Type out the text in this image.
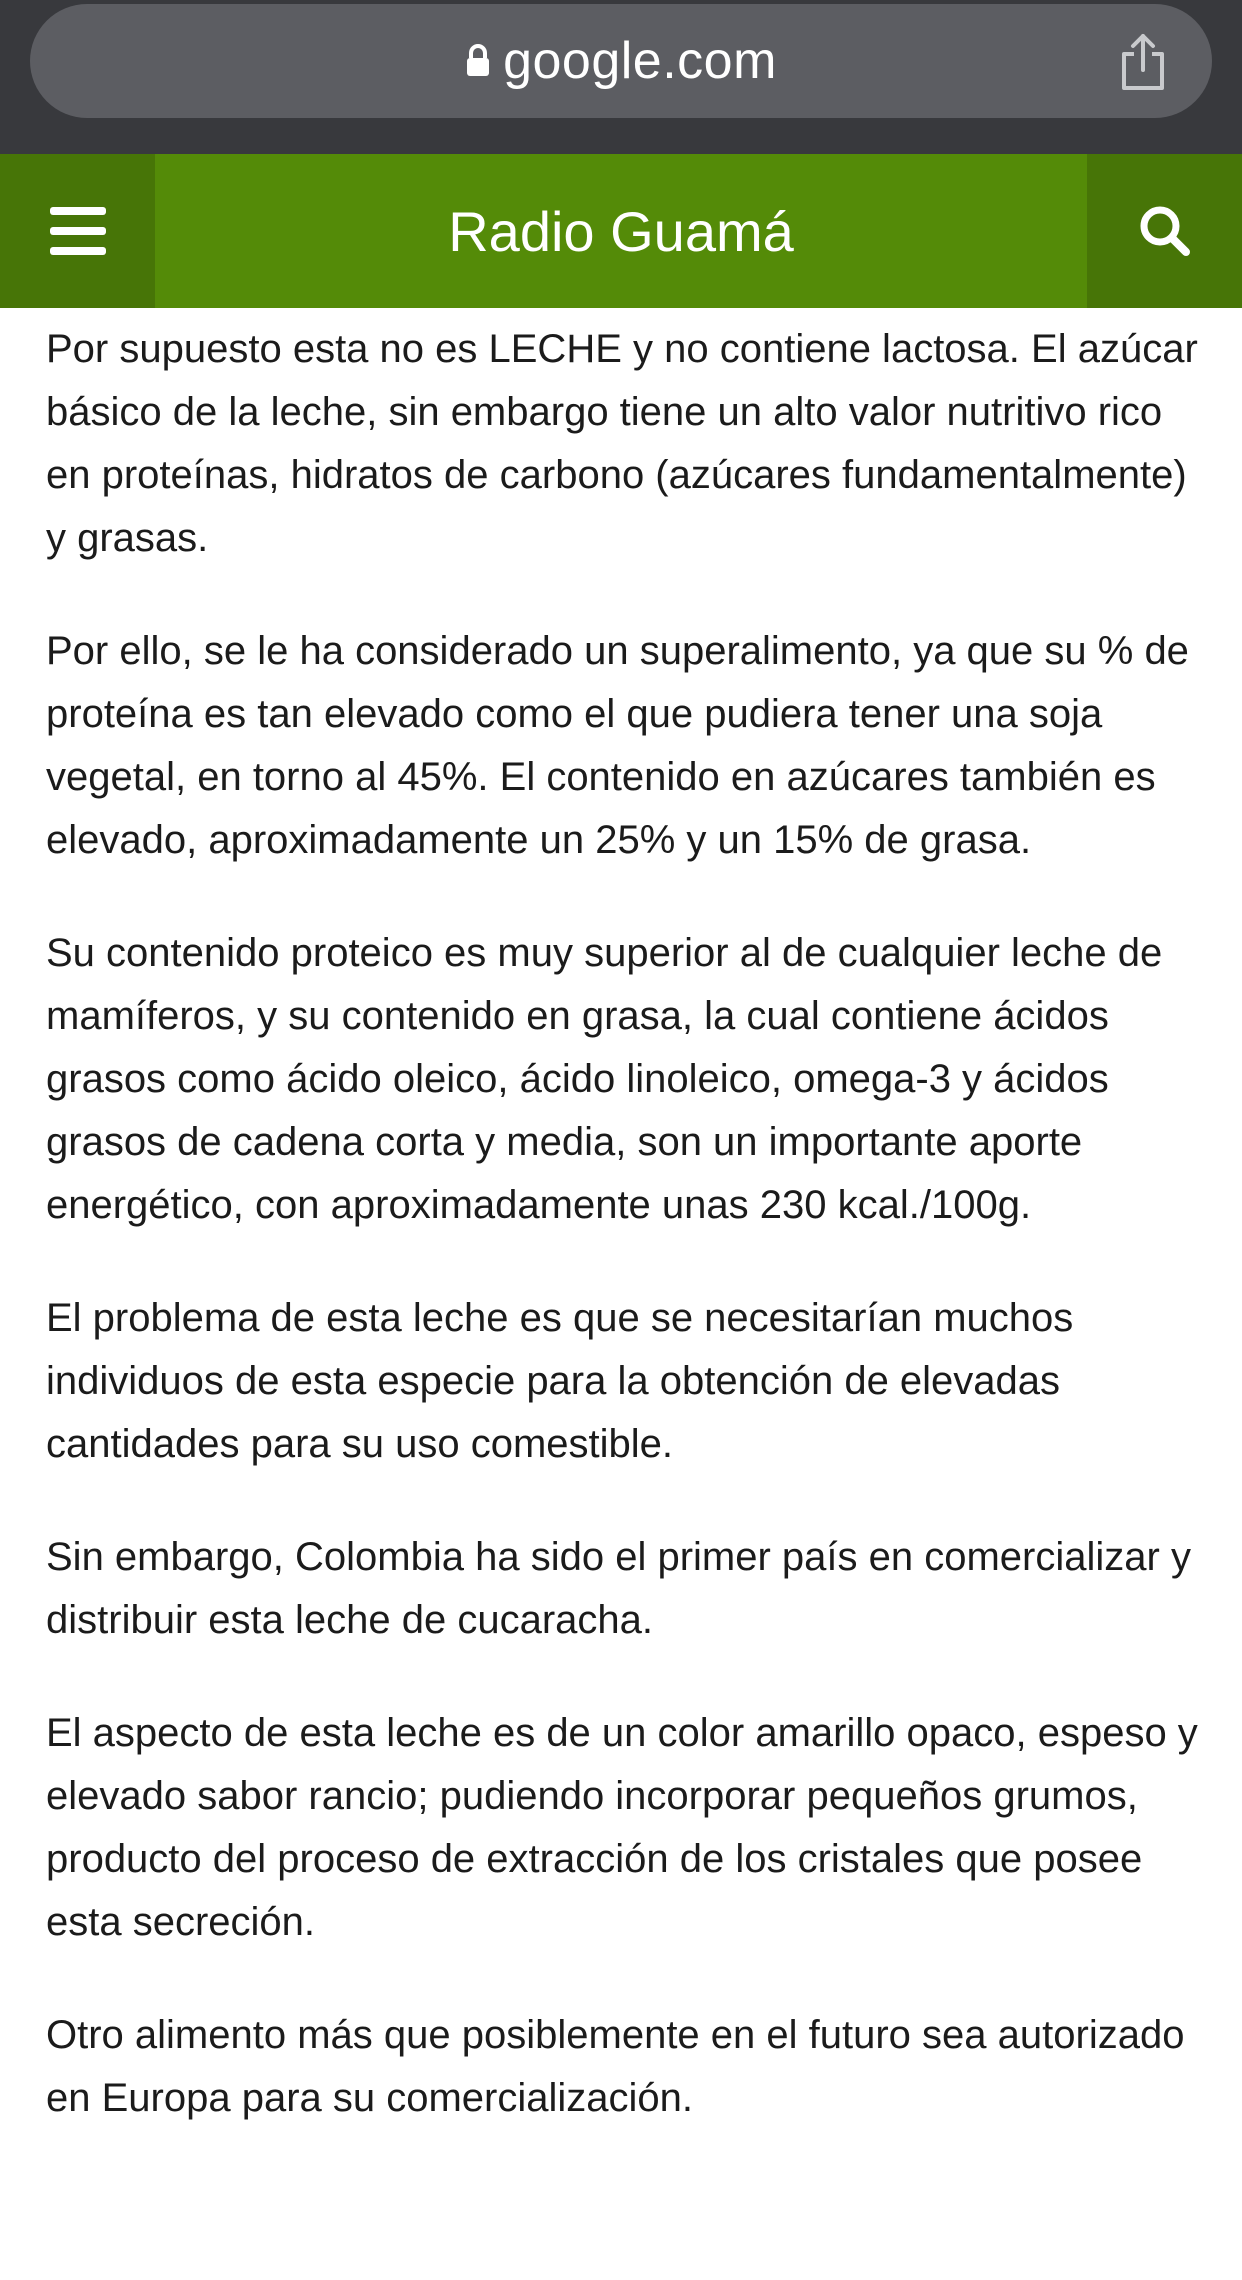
google.com
Radio Guamá

Por supuesto esta no es LECHE y no contiene lactosa. El azúcar básico de la leche, sin embargo tiene un alto valor nutritivo rico en proteínas, hidratos de carbono (azúcares fundamentalmente) y grasas.

Por ello, se le ha considerado un superalimento, ya que su % de proteína es tan elevado como el que pudiera tener una soja vegetal, en torno al 45%. El contenido en azúcares también es elevado, aproximadamente un 25% y un 15% de grasa.

Su contenido proteico es muy superior al de cualquier leche de mamíferos, y su contenido en grasa, la cual contiene ácidos grasos como ácido oleico, ácido linoleico, omega-3 y ácidos grasos de cadena corta y media, son un importante aporte energético, con aproximadamente unas 230 kcal./100g.

El problema de esta leche es que se necesitarían muchos individuos de esta especie para la obtención de elevadas cantidades para su uso comestible.

Sin embargo, Colombia ha sido el primer país en comercializar y distribuir esta leche de cucaracha.

El aspecto de esta leche es de un color amarillo opaco, espeso y elevado sabor rancio; pudiendo incorporar pequeños grumos, producto del proceso de extracción de los cristales que posee esta secreción.

Otro alimento más que posiblemente en el futuro sea autorizado en Europa para su comercialización.
